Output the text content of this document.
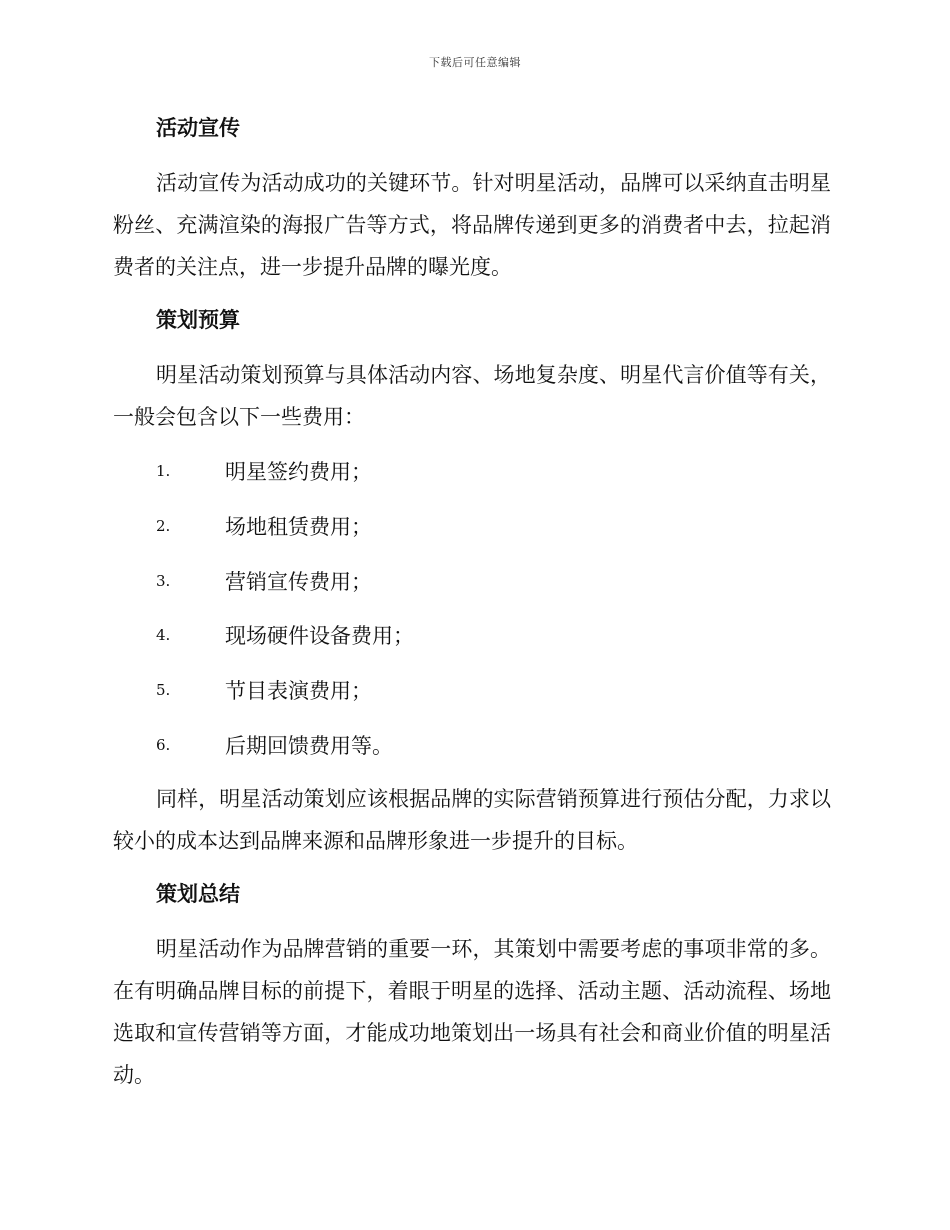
下载后可任意编辑
活动宣传

活动宣传为活动成功的关键环节。针对明星活动，品牌可以采纳直击明星粉丝、充满渲染的海报广告等方式，将品牌传递到更多的消费者中去，拉起消费者的关注点，进一步提升品牌的曝光度。

策划预算

明星活动策划预算与具体活动内容、场地复杂度、明星代言价值等有关，一般会包含以下一些费用：

1.	明星签约费用；
2.	场地租赁费用；
3.	营销宣传费用；
4.	现场硬件设备费用；
5.	节目表演费用；
6.	后期回馈费用等。

同样，明星活动策划应该根据品牌的实际营销预算进行预估分配，力求以较小的成本达到品牌来源和品牌形象进一步提升的目标。

策划总结

明星活动作为品牌营销的重要一环，其策划中需要考虑的事项非常的多。在有明确品牌目标的前提下，着眼于明星的选择、活动主题、活动流程、场地选取和宣传营销等方面，才能成功地策划出一场具有社会和商业价值的明星活动。
